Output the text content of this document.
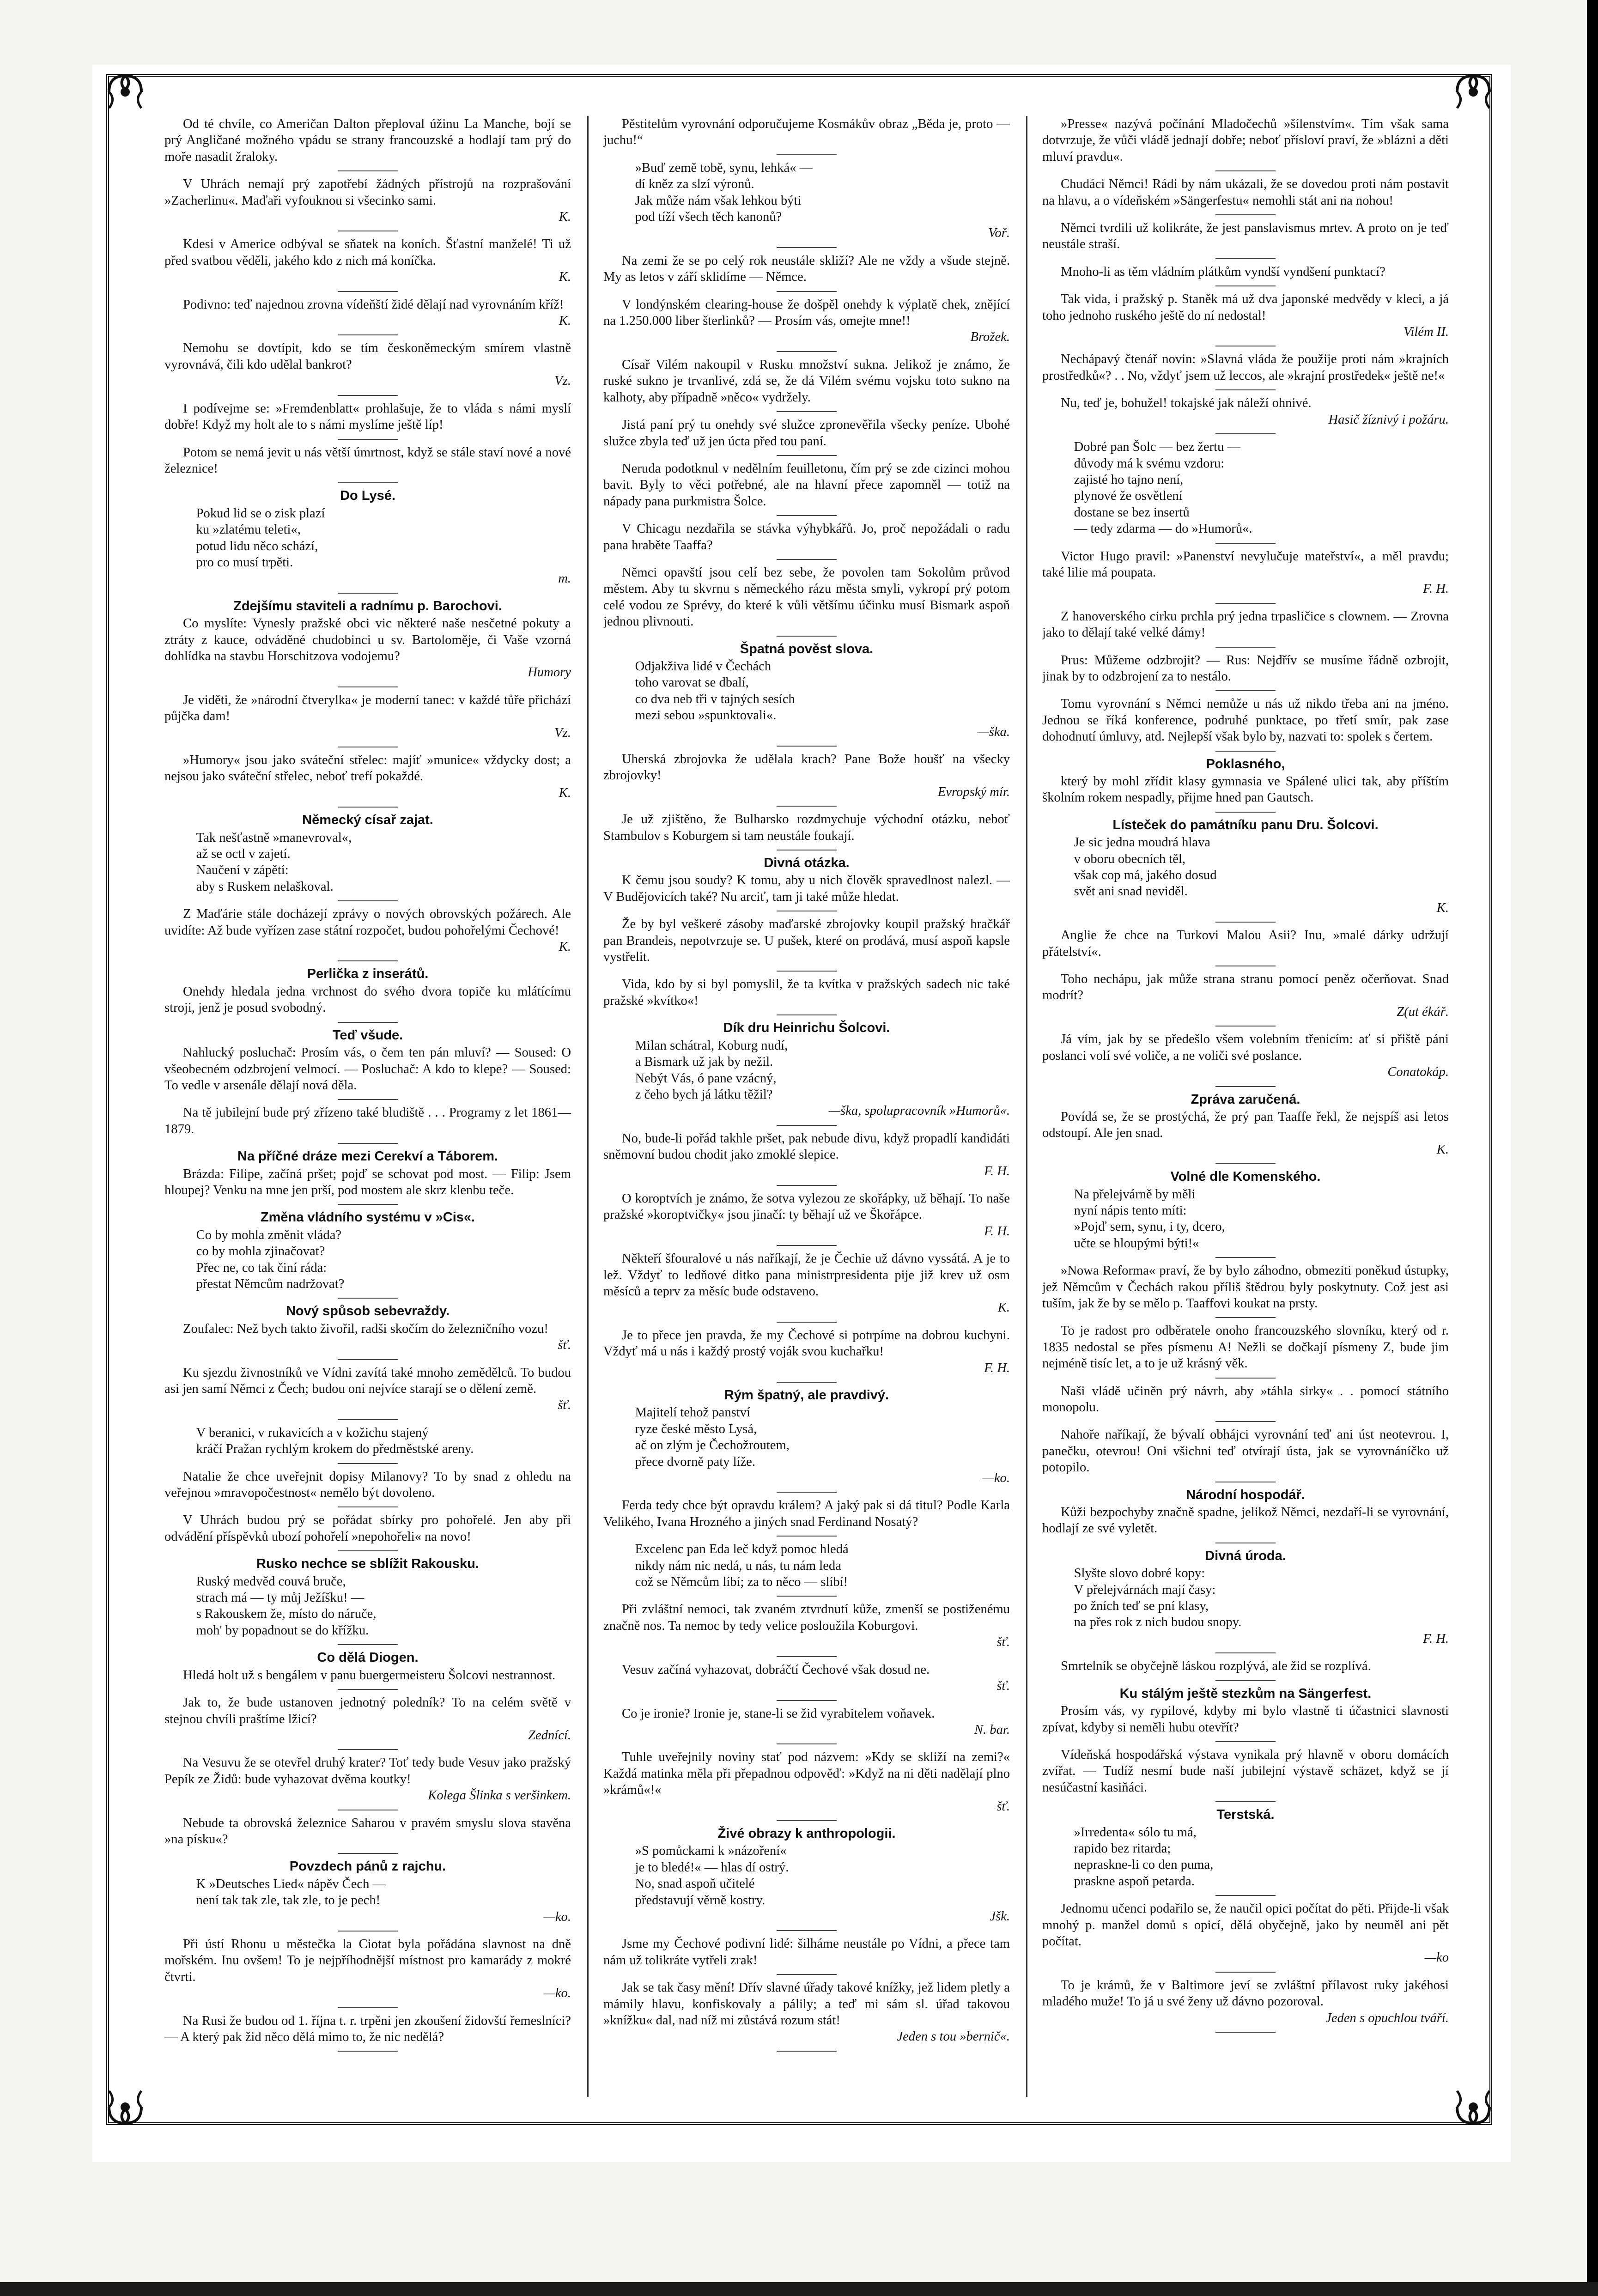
Od té chvíle, co Američan Dalton přeploval úžinu La Manche, bojí se prý Angličané možného vpádu se strany francouzské a hodlají tam prý do moře nasadit žraloky.

V Uhrách nemají prý zapotřebí žádných přístrojů na rozprašování »Zacherlinu«. Maďaři vyfouknou si všecinko sami.

K.

Kdesi v Americe odbýval se sňatek na koních. Šťastní manželé! Ti už před svatbou věděli, jakého kdo z nich má koníčka.

K.

Podivno: teď najednou zrovna vídeňští židé dělají nad vyrovnáním kříž!

K.

Nemohu se dovtípit, kdo se tím českoněmeckým smírem vlastně vyrovnává, čili kdo udělal bankrot?

Vz.

I podívejme se: »Fremdenblatt« prohlašuje, že to vláda s námi myslí dobře! Když my holt ale to s námi myslíme ještě líp!

Potom se nemá jevit u nás větší úmrtnost, když se stále staví nové a nové železnice!

Do Lysé.
Pokud lid se o zisk plazí
ku »zlatému teleti«,
potud lidu něco schází,
pro co musí trpěti.
m.
Zdejšímu staviteli a radnímu p. Barochovi.

Co myslíte: Vynesly pražské obci vic některé naše nesčetné pokuty a ztráty z kauce, odváděné chudobinci u sv. Bartoloměje, či Vaše vzorná dohlídka na stavbu Horschitzova vodojemu?

Humory

Je viděti, že »národní čtverylka« je moderní tanec: v každé tůře přichází půjčka dam!

Vz.

»Humory« jsou jako sváteční střelec: majíť »munice« vždycky dost; a nejsou jako sváteční střelec, neboť trefí pokaždé.

K.
Německý císař zajat.
Tak nešťastně »manevroval«,
až se octl v zajetí.
Naučení v zápětí:
aby s Ruskem nelaškoval.

Z Maďárie stále docházejí zprávy o nových obrovských požárech. Ale uvidíte: Až bude vyřízen zase státní rozpočet, budou pohořelými Čechové!

K.
Perlička z inserátů.

Onehdy hledala jedna vrchnost do svého dvora topiče ku mlátícímu stroji, jenž je posud svobodný.

Teď všude.

Nahlucký posluchač: Prosím vás, o čem ten pán mluví? — Soused: O všeobecném odzbrojení velmocí. — Posluchač: A kdo to klepe? — Soused: To vedle v arsenále dělají nová děla.

Na tě jubilejní bude prý zřízeno také bludiště . . . Programy z let 1861—1879.

Na příčné dráze mezi Cerekví a Táborem.

Brázda: Filipe, začíná pršet; pojď se schovat pod most. — Filip: Jsem hloupej? Venku na mne jen prší, pod mostem ale skrz klenbu teče.

Změna vládního systému v »Cis«.
Co by mohla změnit vláda?
co by mohla zjinačovat?
Přec ne, co tak činí ráda:
přestat Němcům nadržovat?
Nový spůsob sebevraždy.

Zoufalec: Než bych takto živořil, radši skočím do železničního vozu!

šť.

Ku sjezdu živnostníků ve Vídni zavítá také mnoho zemědělců. To budou asi jen samí Němci z Čech; budou oni nejvíce starají se o dělení země.

šť.
V beranici, v rukavicích a v kožichu stajený
kráčí Pražan rychlým krokem do předměstské areny.

Natalie že chce uveřejnit dopisy Milanovy? To by snad z ohledu na veřejnou »mravopočestnost« nemělo být dovoleno.

V Uhrách budou prý se pořádat sbírky pro pohořelé. Jen aby při odvádění příspěvků ubozí pohořelí »nepohořeli« na novo!

Rusko nechce se sblížit Rakousku.
Ruský medvěd couvá bruče,
strach má — ty můj Ježíšku! —
s Rakouskem že, místo do náruče,
moh' by popadnout se do křížku.
Co dělá Diogen.

Hledá holt už s bengálem v panu buergermeisteru Šolcovi nestrannost.

Jak to, že bude ustanoven jednotný poledník? To na celém světě v stejnou chvíli praštíme lžicí?

Zednící.

Na Vesuvu že se otevřel druhý krater? Toť tedy bude Vesuv jako pražský Pepík ze Židů: bude vyhazovat dvěma koutky!

Kolega Šlinka s veršinkem.

Nebude ta obrovská železnice Saharou v pravém smyslu slova stavěna »na písku«?

Povzdech pánů z rajchu.
K »Deutsches Lied« nápěv Čech —
není tak tak zle, tak zle, to je pech!
—ko.

Při ústí Rhonu u městečka la Ciotat byla pořádána slavnost na dně mořském. Inu ovšem! To je nejpříhodnější místnost pro kamarády z mokré čtvrti.

—ko.

Na Rusi že budou od 1. října t. r. trpěni jen zkoušení židovští řemeslníci? — A který pak žid něco dělá mimo to, že nic nedělá?

Pěstitelům vyrovnání odporučujeme Kosmákův obraz „Běda je, proto — juchu!“

»Buď země tobě, synu, lehká« —
dí kněz za slzí výronů.
Jak může nám však lehkou býti
pod tíží všech těch kanonů?
Voř.

Na zemi že se po celý rok neustále skliží? Ale ne vždy a všude stejně. My as letos v září sklidíme — Němce.

V londýnském clearing-house že došpěl onehdy k výplatě chek, znějící na 1.250.000 liber šterlinků? — Prosím vás, omejte mne!!

Brožek.

Císař Vilém nakoupil v Rusku množství sukna. Jelikož je známo, že ruské sukno je trvanlivé, zdá se, že dá Vilém svému vojsku toto sukno na kalhoty, aby případně »něco« vydržely.

Jistá paní prý tu onehdy své služce zpronevěřila všecky peníze. Ubohé služce zbyla teď už jen úcta před tou paní.

Neruda podotknul v nedělním feuilletonu, čím prý se zde cizinci mohou bavit. Byly to věci potřebné, ale na hlavní přece zapomněl — totiž na nápady pana purkmistra Šolce.

V Chicagu nezdařila se stávka výhybkářů. Jo, proč nepožádali o radu pana hraběte Taaffa?

Němci opavští jsou celí bez sebe, že povolen tam Sokolům průvod městem. Aby tu skvrnu s německého rázu města smyli, vykropí prý potom celé vodou ze Sprévy, do které k vůli většímu účinku musí Bismark aspoň jednou plivnouti.

Špatná pověst slova.
Odjakživa lidé v Čechách
toho varovat se dbalí,
co dva neb tři v tajných sesích
mezi sebou »spunktovali«.
—ška.

Uherská zbrojovka že udělala krach? Pane Bože houšť na všecky zbrojovky!

Evropský mír.

Je už zjištěno, že Bulharsko rozdmychuje východní otázku, neboť Stambulov s Koburgem si tam neustále foukají.

Divná otázka.

K čemu jsou soudy? K tomu, aby u nich člověk spravedlnost nalezl. — V Budějovicích také? Nu arciť, tam ji také může hledat.

Že by byl veškeré zásoby maďarské zbrojovky koupil pražský hračkář pan Brandeis, nepotvrzuje se. U pušek, které on prodává, musí aspoň kapsle vystřelit.

Vida, kdo by si byl pomyslil, že ta kvítka v pražských sadech nic také pražské »kvítko«!

Dík dru Heinrichu Šolcovi.
Milan schátral, Koburg nudí,
a Bismark už jak by nežil.
Nebýt Vás, ó pane vzácný,
z čeho bych já látku těžil?
—ška, spolupracovník »Humorů«.

No, bude-li pořád takhle pršet, pak nebude divu, když propadlí kandidáti sněmovní budou chodit jako zmoklé slepice.

F. H.

O koroptvích je známo, že sotva vylezou ze skořápky, už běhají. To naše pražské »koroptvičky« jsou jinačí: ty běhají už ve Škořápce.

F. H.

Někteří šfouralové u nás naříkají, že je Čechie už dávno vyssátá. A je to lež. Vždyť to ledňové ditko pana ministrpresidenta pije již krev už osm měsíců a teprv za měsíc bude odstaveno.

K.

Je to přece jen pravda, že my Čechové si potrpíme na dobrou kuchyni. Vždyť má u nás i každý prostý voják svou kuchařku!

F. H.
Rým špatný, ale pravdivý.
Majitelí tehož panství
ryze české město Lysá,
ač on zlým je Čechožroutem,
přece dvorně paty líže.
—ko.

Ferda tedy chce být opravdu králem? A jaký pak si dá titul? Podle Karla Velikého, Ivana Hrozného a jiných snad Ferdinand Nosatý?

Excelenc pan Eda leč když pomoc hledá
nikdy nám nic nedá, u nás, tu nám leda
což se Němcům líbí; za to něco — slíbí!

Při zvláštní nemoci, tak zvaném ztvrdnutí kůže, zmenší se postiženému značně nos. Ta nemoc by tedy velice posloužila Koburgovi.

šť.

Vesuv začíná vyhazovat, dobráčtí Čechové však dosud ne.

šť.

Co je ironie? Ironie je, stane-li se žid vyrabitelem voňavek.

N. bar.

Tuhle uveřejnily noviny stať pod názvem: »Kdy se skliží na zemi?« Každá matinka měla při přepadnou odpověď: »Když na ni děti nadělají plno »krámů«!«

šť.
Živé obrazy k anthropologii.
»S pomůckami k »názoření«
je to bledé!« — hlas dí ostrý.
No, snad aspoň učitelé
představují věrně kostry.
Jšk.

Jsme my Čechové podivní lidé: šilháme neustále po Vídni, a přece tam nám už tolikráte vytřeli zrak!

Jak se tak časy mění! Dřív slavné úřady takové knížky, jež lidem pletly a mámily hlavu, konfiskovaly a pálily; a teď mi sám sl. úřad takovou »knížku« dal, nad níž mi zůstává rozum stát!

Jeden s tou »bernič«.

»Presse« nazývá počínání Mladočechů »šílenstvím«. Tím však sama dotvrzuje, že vůči vládě jednají dobře; neboť přísloví praví, že »blázni a děti mluví pravdu«.

Chudáci Němci! Rádi by nám ukázali, že se dovedou proti nám postavit na hlavu, a o vídeňském »Sängerfestu« nemohli stát ani na nohou!

Němci tvrdili už kolikráte, že jest panslavismus mrtev. A proto on je teď neustále straší.

Mnoho-li as těm vládním plátkům vyndší vyndšení punktací?

Tak vida, i pražský p. Staněk má už dva japonské medvědy v kleci, a já toho jednoho ruského ještě do ní nedostal!

Vilém II.

Nechápavý čtenář novin: »Slavná vláda že použije proti nám »krajních prostředků«? . . No, vždyť jsem už leccos, ale »krajní prostředek« ještě ne!«

Nu, teď je, bohužel! tokajské jak náleží ohnivé.

Hasič žíznivý i požáru.
Dobré pan Šolc — bez žertu —
důvody má k svému vzdoru:
zajisté ho tajno není,
plynové že osvětlení
dostane se bez insertů
— tedy zdarma — do »Humorů«.

Victor Hugo pravil: »Panenství nevylučuje mateřství«, a měl pravdu; také lilie má poupata.

F. H.

Z hanoverského cirku prchla prý jedna trpasličice s clownem. — Zrovna jako to dělají také velké dámy!

Prus: Můžeme odzbrojit? — Rus: Nejdřív se musíme řádně ozbrojit, jinak by to odzbrojení za to nestálo.

Tomu vyrovnání s Němci nemůže u nás už nikdo třeba ani na jméno. Jednou se říká konference, podruhé punktace, po třetí smír, pak zase dohodnutí úmluvy, atd. Nejlepší však bylo by, nazvati to: spolek s čertem.

Poklasného,

který by mohl zřídit klasy gymnasia ve Spálené ulici tak, aby příštím školním rokem nespadly, přijme hned pan Gautsch.

Lísteček do památníku panu Dru. Šolcovi.
Je sic jedna moudrá hlava
v oboru obecních těl,
však cop má, jakého dosud
svět ani snad neviděl.
K.

Anglie že chce na Turkovi Malou Asii? Inu, »malé dárky udržují přátelství«.

Toho nechápu, jak může strana stranu pomocí peněz očerňovat. Snad modrít?

Z(ut ékář.

Já vím, jak by se předešlo všem volebním třenicím: ať si přiště páni poslanci volí své voliče, a ne voliči své poslance.

Conatokáp.
Zpráva zaručená.

Povídá se, že se prostýchá, že prý pan Taaffe řekl, že nejspíš asi letos odstoupí. Ale jen snad.

K.
Volné dle Komenského.
Na přelejvárně by měli
nyní nápis tento míti:
»Pojď sem, synu, i ty, dcero,
učte se hloupými býti!«

»Nowa Reforma« praví, že by bylo záhodno, obmeziti poněkud ústupky, jež Němcům v Čechách rakou příliš štědrou byly poskytnuty. Což jest asi tuším, jak že by se mělo p. Taaffovi koukat na prsty.

To je radost pro odběratele onoho francouzského slovníku, který od r. 1835 nedostal se přes písmenu A! Nežli se dočkají písmeny Z, bude jim nejméně tisíc let, a to je už krásný věk.

Naši vládě učiněn prý návrh, aby »táhla sirky« . . pomocí státního monopolu.

Nahoře naříkají, že bývalí obhájci vyrovnání teď ani úst neotevrou. I, panečku, otevrou! Oni všichni teď otvírají ústa, jak se vyrovnáníčko už potopilo.

Národní hospodář.

Kůži bezpochyby značně spadne, jelikož Němci, nezdaří-li se vyrovnání, hodlají ze své vyletět.

Divná úroda.
Slyšte slovo dobré kopy:
V přelejvárnách mají časy:
po žních teď se pní klasy,
na přes rok z nich budou snopy.
F. H.

Smrtelník se obyčejně láskou rozplývá, ale žid se rozplívá.

Ku stálým ještě stezkům na Sängerfest.

Prosím vás, vy rypilové, kdyby mi bylo vlastně ti účastnici slavnosti zpívat, kdyby si neměli hubu otevřít?

Vídeňská hospodářská výstava vynikala prý hlavně v oboru domácích zvířat. — Tudíž nesmí bude naší jubilejní výstavě schäzet, když se jí nesúčastní kasiňáci.

Terstská.
»Irredenta« sólo tu má,
rapido bez ritarda;
nepraskne-li co den puma,
praskne aspoň petarda.

Jednomu učenci podařilo se, že naučil opici počítat do pěti. Přijde-li však mnohý p. manžel domů s opicí, dělá obyčejně, jako by neuměl ani pět počítat.

—ko

To je krámů, že v Baltimore jeví se zvláštní přílavost ruky jakéhosi mladého muže! To já u své ženy už dávno pozoroval.

Jeden s opuchlou tváří.
